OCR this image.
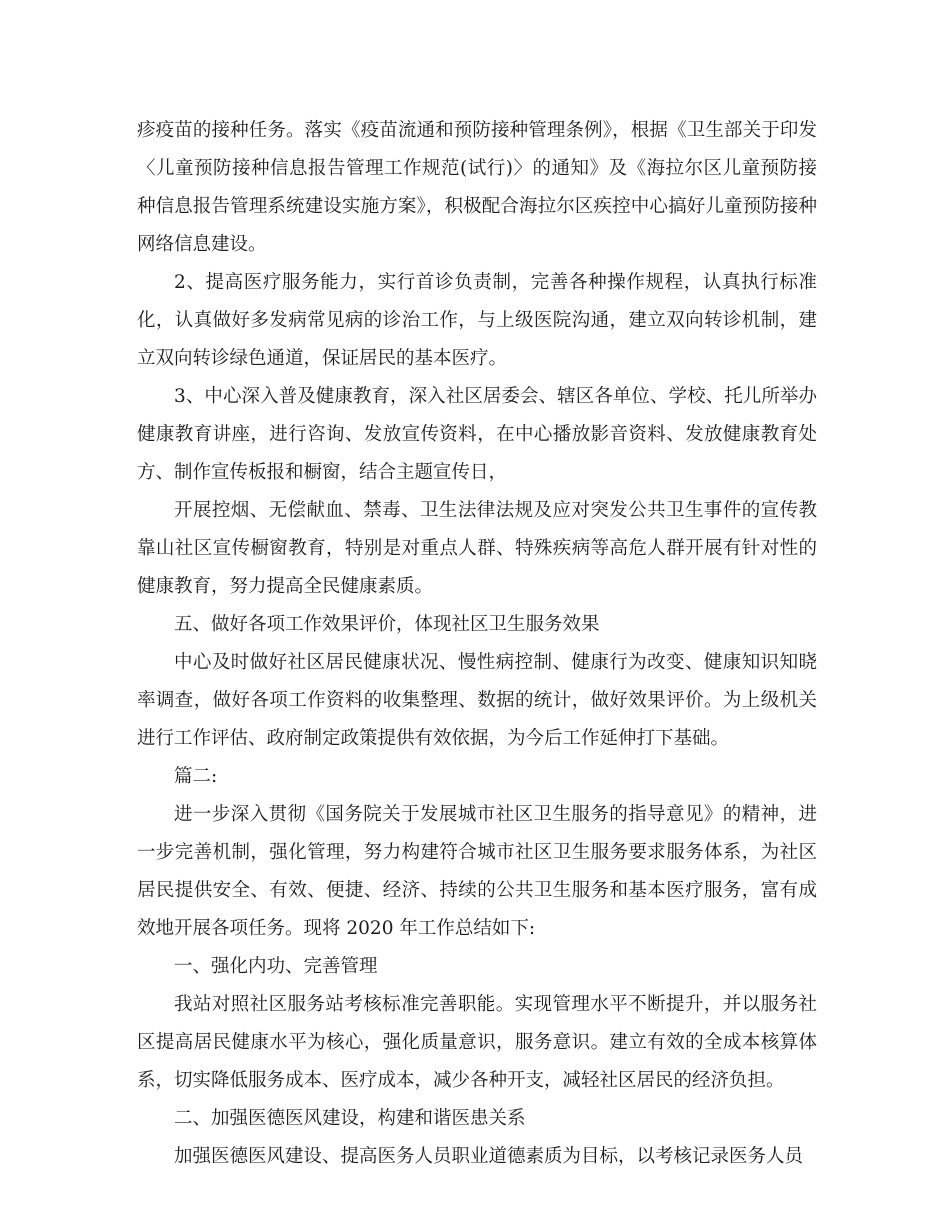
疹疫苗的接种任务。落实《疫苗流通和预防接种管理条例》，根据《卫生部关于印发〈儿童预防接种信息报告管理工作规范(试行)〉的通知》及《海拉尔区儿童预防接种信息报告管理系统建设实施方案》，积极配合海拉尔区疾控中心搞好儿童预防接种网络信息建设。

2、提高医疗服务能力，实行首诊负责制，完善各种操作规程，认真执行标准化，认真做好多发病常见病的诊治工作，与上级医院沟通，建立双向转诊机制，建立双向转诊绿色通道，保证居民的基本医疗。

3、中心深入普及健康教育，深入社区居委会、辖区各单位、学校、托儿所举办健康教育讲座，进行咨询、发放宣传资料，在中心播放影音资料、发放健康教育处方、制作宣传板报和橱窗，结合主题宣传日，

开展控烟、无偿献血、禁毒、卫生法律法规及应对突发公共卫生事件的宣传教靠山社区宣传橱窗教育，特别是对重点人群、特殊疾病等高危人群开展有针对性的健康教育，努力提高全民健康素质。

五、做好各项工作效果评价，体现社区卫生服务效果

中心及时做好社区居民健康状况、慢性病控制、健康行为改变、健康知识知晓率调查，做好各项工作资料的收集整理、数据的统计，做好效果评价。为上级机关进行工作评估、政府制定政策提供有效依据，为今后工作延伸打下基础。

篇二:

进一步深入贯彻《国务院关于发展城市社区卫生服务的指导意见》的精神，进一步完善机制，强化管理，努力构建符合城市社区卫生服务要求服务体系，为社区居民提供安全、有效、便捷、经济、持续的公共卫生服务和基本医疗服务，富有成效地开展各项任务。现将 2020 年工作总结如下:

一、强化内功、完善管理

我站对照社区服务站考核标准完善职能。实现管理水平不断提升，并以服务社区提高居民健康水平为核心，强化质量意识，服务意识。建立有效的全成本核算体系，切实降低服务成本、医疗成本，减少各种开支，减轻社区居民的经济负担。

二、加强医德医风建设，构建和谐医患关系

加强医德医风建设、提高医务人员职业道德素质为目标，以考核记录医务人员
